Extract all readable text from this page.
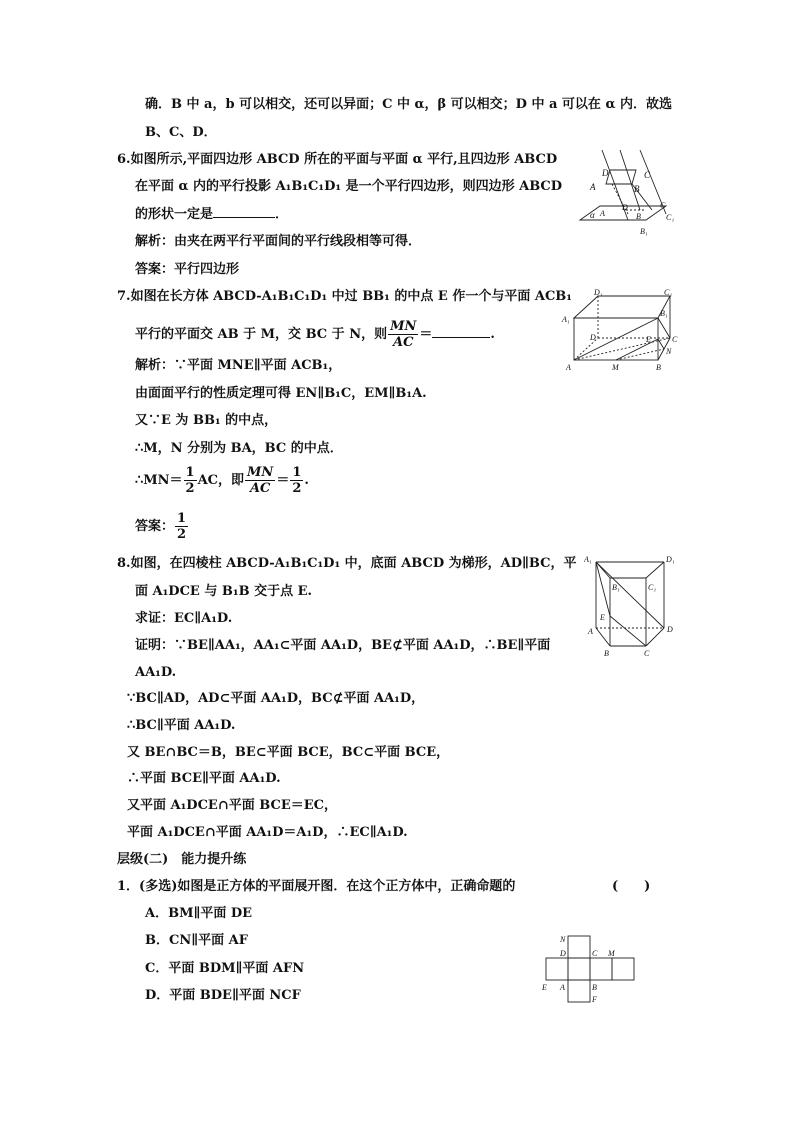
确．B 中 a，b 可以相交，还可以异面；C 中 α，β 可以相交；D 中 a 可以在 α 内．故选
B、C、D．
6.如图所示,平面四边形 ABCD 所在的平面与平面 α 平行,且四边形 ABCD
在平面 α 内的平行投影 A₁B₁C₁D₁ 是一个平行四边形，则四边形 ABCD
的形状一定是	．
解析：由夹在两平行平面间的平行线段相等可得．
答案：平行四边形
7.如图在长方体 ABCD-A₁B₁C₁D₁ 中过 BB₁ 的中点 E 作一个与平面 ACB₁
平行的平面交 AB 于 M，交 BC 于 N，则 $\frac{MN}{AC}$ ＝	.
解析：∵平面 MNE∥平面 ACB₁，
由面面平行的性质定理可得 EN∥B₁C，EM∥B₁A.
又∵E 为 BB₁ 的中点，
∴M，N 分别为 BA，BC 的中点．
∴MN＝ $\frac{1}{2}$ AC，即 $\frac{MN}{AC} = \frac{1}{2}$ .
答案： $\frac{1}{2}$
8.如图，在四棱柱 ABCD-A₁B₁C₁D₁ 中，底面 ABCD 为梯形，AD∥BC，平
面 A₁DCE 与 B₁B 交于点 E.
求证：EC∥A₁D.
证明：∵BE∥AA₁，AA₁⊂平面 AA₁D，BE⊄平面 AA₁D，∴BE∥平面
AA₁D.
∵BC∥AD，AD⊂平面 AA₁D，BC⊄平面 AA₁D，
∴BC∥平面 AA₁D.
又 BE∩BC＝B，BE⊂平面 BCE，BC⊂平面 BCE，
∴平面 BCE∥平面 AA₁D.
又平面 A₁DCE∩平面 BCE＝EC，
平面 A₁DCE∩平面 AA₁D＝A₁D，∴EC∥A₁D.
层级(二)　能力提升练
1．(多选)如图是正方体的平面展开图．在这个正方体中，正确命题的	(　　)
A．BM∥平面 DE
B．CN∥平面 AF
C．平面 BDM∥平面 AFN
D．平面 BDE∥平面 NCF
D	C
A	B
α A	B
D	C
C₁
B₁
D₁	C₁
A₁
B₁
D	E	C
N
A	M	B
A₁	D₁
B₁	C₁
E
A	D
B	C
N
D	C M
E A	B
F
